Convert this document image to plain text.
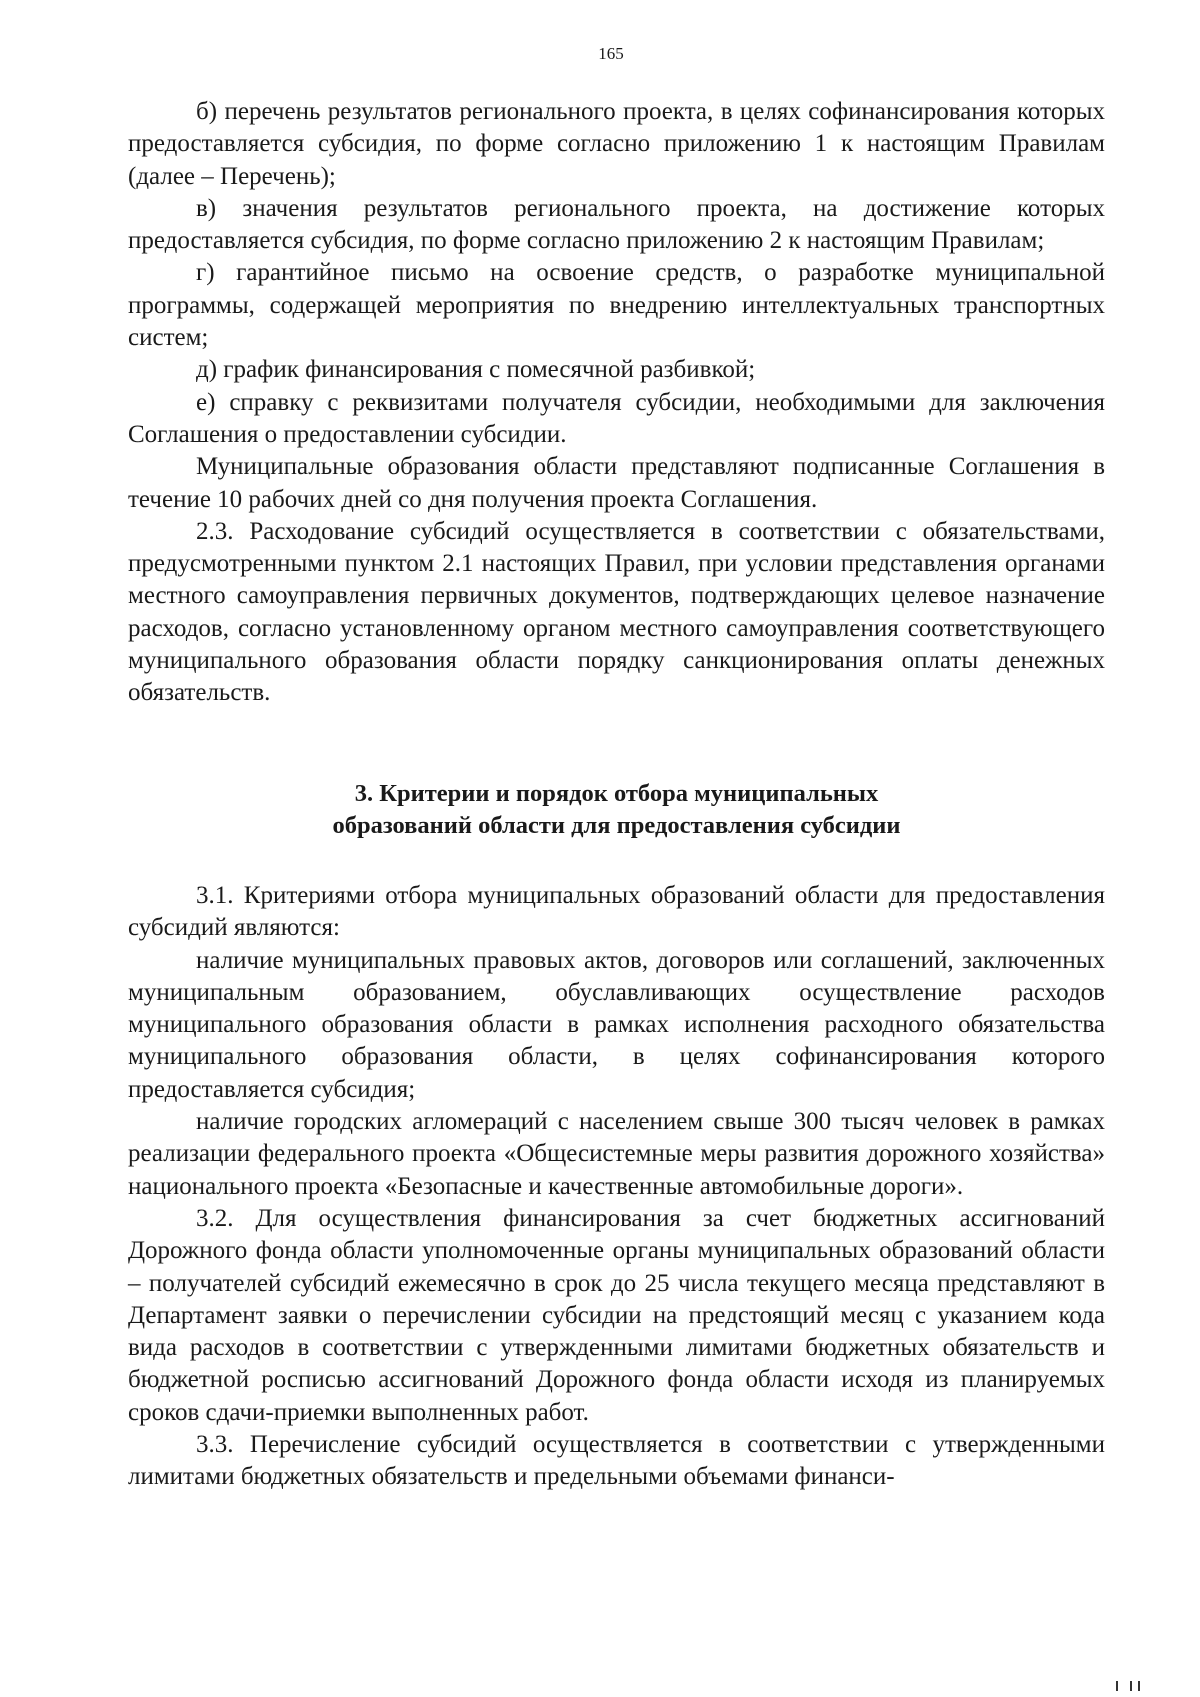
165

б) перечень результатов регионального проекта, в целях софинансирования которых предоставляется субсидия, по форме согласно приложению 1 к настоящим Правилам (далее – Перечень);

в) значения результатов регионального проекта, на достижение которых предоставляется субсидия, по форме согласно приложению 2 к настоящим Правилам;

г) гарантийное письмо на освоение средств, о разработке муниципальной программы, содержащей мероприятия по внедрению интеллектуальных транспортных систем;

д) график финансирования с помесячной разбивкой;

е) справку с реквизитами получателя субсидии, необходимыми для заключения Соглашения о предоставлении субсидии.

Муниципальные образования области представляют подписанные Соглашения в течение 10 рабочих дней со дня получения проекта Соглашения.

2.3. Расходование субсидий осуществляется в соответствии с обязательствами, предусмотренными пунктом 2.1 настоящих Правил, при условии представления органами местного самоуправления первичных документов, подтверждающих целевое назначение расходов, согласно установленному органом местного самоуправления соответствующего муниципального образования области порядку санкционирования оплаты денежных обязательств.

3. Критерии и порядок отбора муниципальных
образований области для предоставления субсидии

3.1. Критериями отбора муниципальных образований области для предоставления субсидий являются:

наличие муниципальных правовых актов, договоров или соглашений, заключенных муниципальным образованием, обуславливающих осуществление расходов муниципального образования области в рамках исполнения расходного обязательства муниципального образования области, в целях софинансирования которого предоставляется субсидия;

наличие городских агломераций с населением свыше 300 тысяч человек в рамках реализации федерального проекта «Общесистемные меры развития дорожного хозяйства» национального проекта «Безопасные и качественные автомобильные дороги».

3.2. Для осуществления финансирования за счет бюджетных ассигнований Дорожного фонда области уполномоченные органы муниципальных образований области – получателей субсидий ежемесячно в срок до 25 числа текущего месяца представляют в Департамент заявки о перечислении субсидии на предстоящий месяц с указанием кода вида расходов в соответствии с утвержденными лимитами бюджетных обязательств и бюджетной росписью ассигнований Дорожного фонда области исходя из планируемых сроков сдачи-приемки выполненных работ.

3.3. Перечисление субсидий осуществляется в соответствии с утвержденными лимитами бюджетных обязательств и предельными объемами финанси-
